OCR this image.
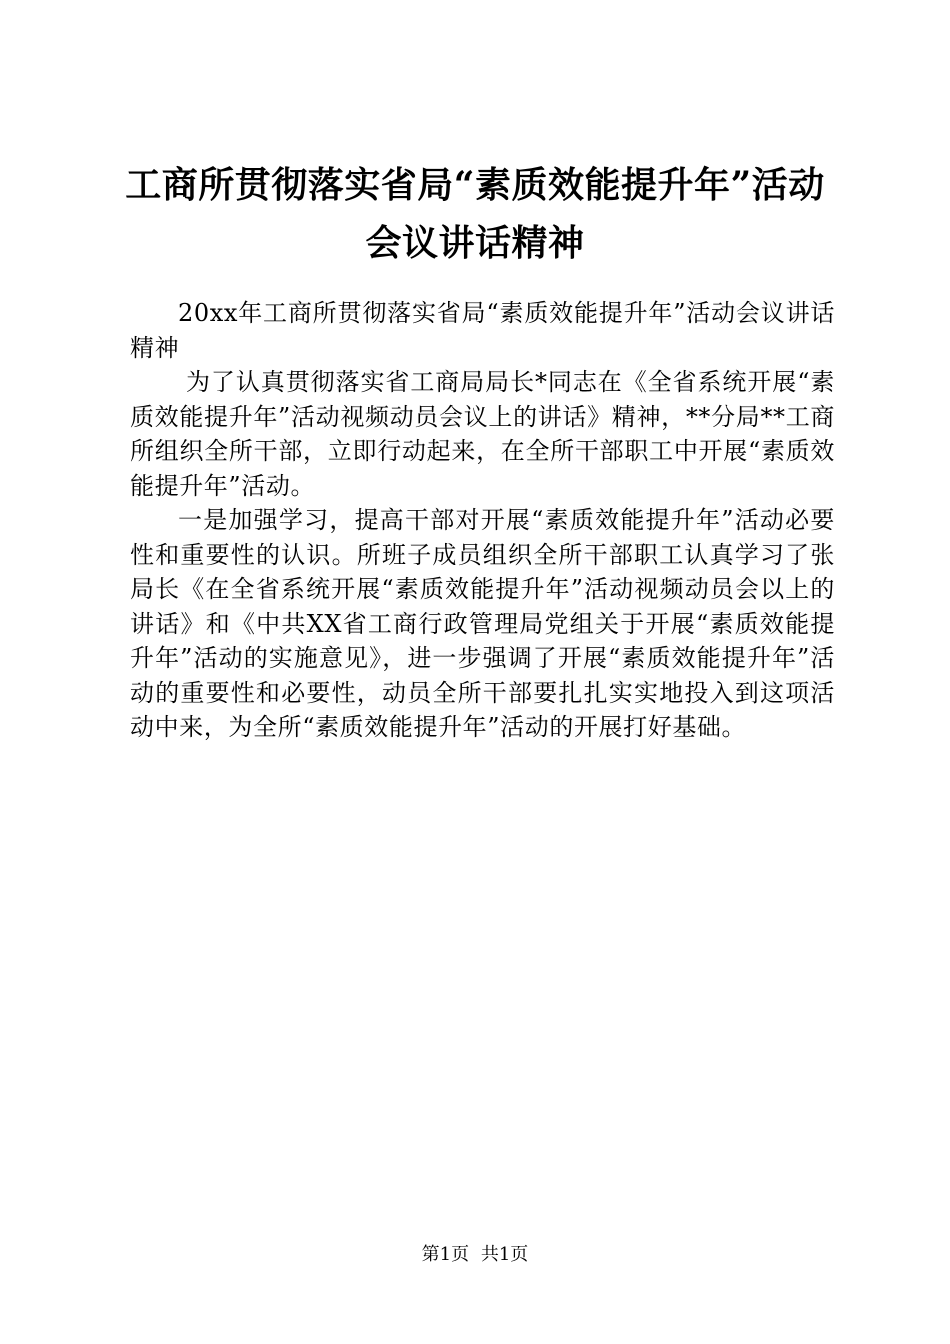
工商所贯彻落实省局“素质效能提升年”活动
会议讲话精神

20xx年工商所贯彻落实省局“素质效能提升年”活动会议讲话精神

为了认真贯彻落实省工商局局长*同志在《全省系统开展“素质效能提升年”活动视频动员会议上的讲话》精神，**分局**工商所组织全所干部，立即行动起来，在全所干部职工中开展“素质效能提升年”活动。

一是加强学习，提高干部对开展“素质效能提升年”活动必要性和重要性的认识。所班子成员组织全所干部职工认真学习了张局长《在全省系统开展“素质效能提升年”活动视频动员会以上的讲话》和《中共XX省工商行政管理局党组关于开展“素质效能提升年”活动的实施意见》，进一步强调了开展“素质效能提升年”活动的重要性和必要性，动员全所干部要扎扎实实地投入到这项活动中来，为全所“素质效能提升年”活动的开展打好基础。

第1页 共1页
